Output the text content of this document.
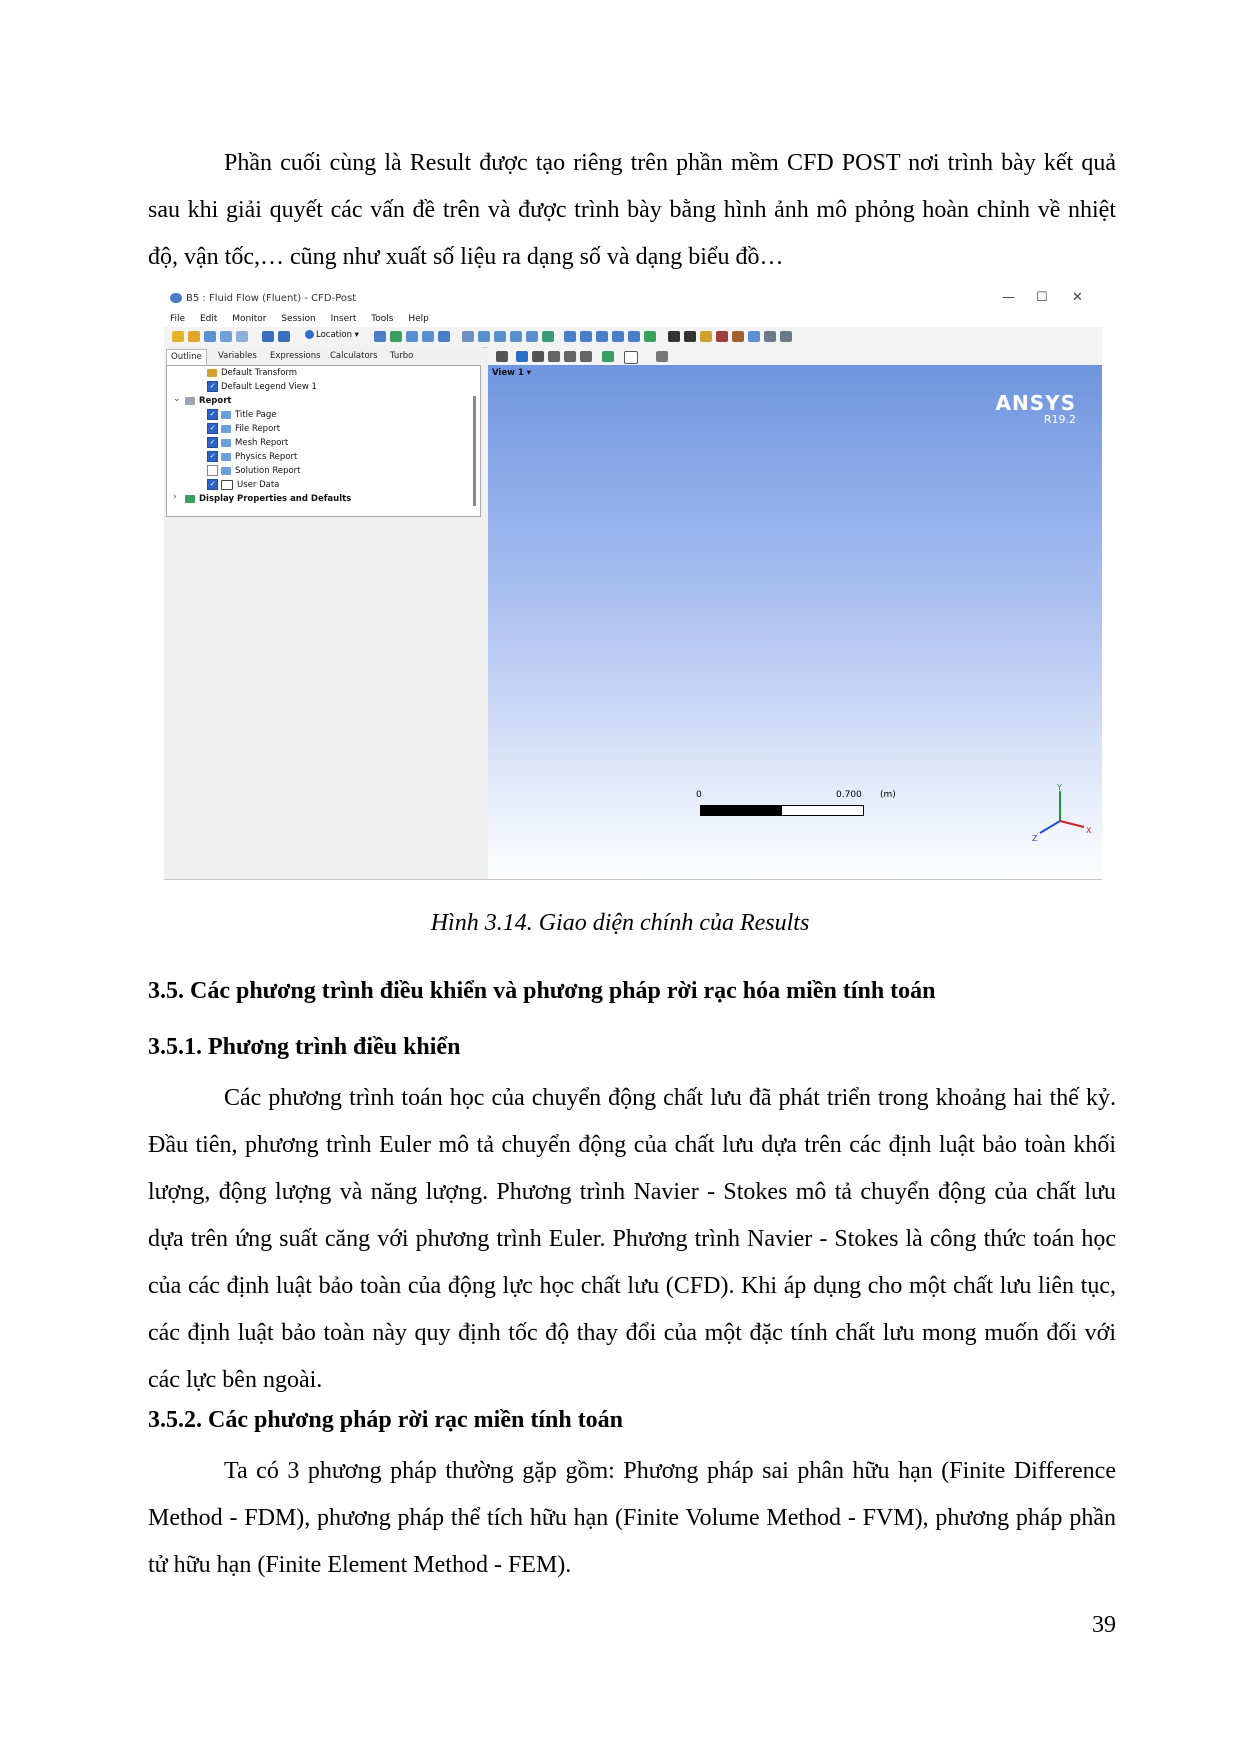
Phần cuối cùng là Result được tạo riêng trên phần mềm CFD POST nơi trình bày kết quả sau khi giải quyết các vấn đề trên và được trình bày bằng hình ảnh mô phỏng hoàn chỉnh về nhiệt độ, vận tốc,… cũng như xuất số liệu ra dạng số và dạng biểu đồ…

B5 : Fluid Flow (Fluent) - CFD-Post	— ☐ ✕
File Edit Monitor Session Insert Tools Help
Location ▾
Outline	Variables	Expressions	Calculators	Turbo
Default Transform
✓ Default Legend View 1
⌄	Report
✓ Title Page
✓ File Report
✓ Mesh Report
✓ Physics Report
Solution Report
✓	User Data
›	Display Properties and Defaults
View 1 ▾
ANSYS
R19.2
0	0.700 (m)
Y
X
Z

Hình 3.14. Giao diện chính của Results

3.5. Các phương trình điều khiển và phương pháp rời rạc hóa miền tính toán

3.5.1. Phương trình điều khiển

Các phương trình toán học của chuyển động chất lưu đã phát triển trong khoảng hai thế kỷ. Đầu tiên, phương trình Euler mô tả chuyển động của chất lưu dựa trên các định luật bảo toàn khối lượng, động lượng và năng lượng. Phương trình Navier - Stokes mô tả chuyển động của chất lưu dựa trên ứng suất căng với phương trình Euler. Phương trình Navier - Stokes là công thức toán học của các định luật bảo toàn của động lực học chất lưu (CFD). Khi áp dụng cho một chất lưu liên tục, các định luật bảo toàn này quy định tốc độ thay đổi của một đặc tính chất lưu mong muốn đối với các lực bên ngoài.

3.5.2. Các phương pháp rời rạc miền tính toán

Ta có 3 phương pháp thường gặp gồm: Phương pháp sai phân hữu hạn (Finite Difference Method - FDM), phương pháp thể tích hữu hạn (Finite Volume Method - FVM), phương pháp phần tử hữu hạn (Finite Element Method - FEM).

39
